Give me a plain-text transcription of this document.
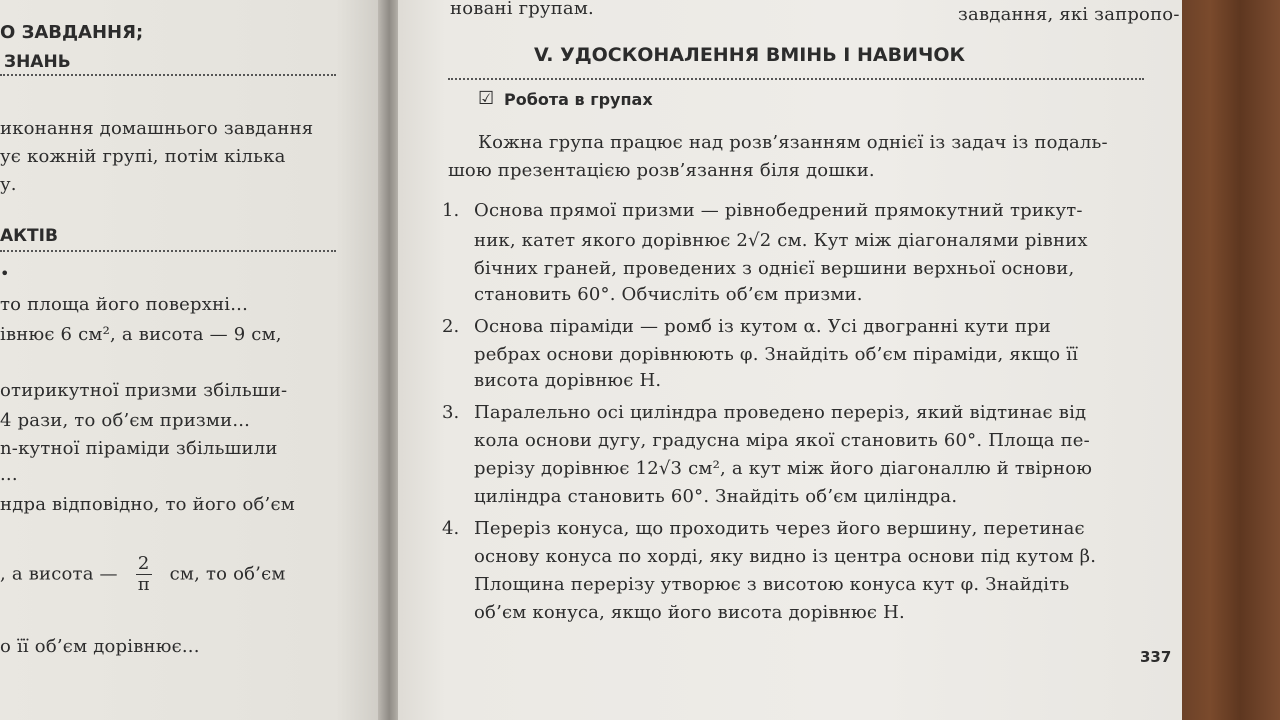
О ЗАВДАННЯ;
ЗНАНЬ
иконання домашнього завдання
ує кожній групі, потім кілька
у.
АКТІВ
•
то площа його поверхні...
івнює 6 см², а висота — 9 см,
отирикутної призми збільши-
4 рази, то об’єм призми...
n-кутної піраміди збільшили
...
ндра відповідно, то його об’єм
, а висота — $\frac{2}{\pi}$ см, то об’єм
о її об’єм дорівнює...
новані групам.	завдання, які запропо-
V. УДОСКОНАЛЕННЯ ВМІНЬ І НАВИЧОК
☑ Робота в групах
Кожна група працює над розв’язанням однієї із задач із подаль-
шою презентацією розв’язання біля дошки.
1. Основа прямої призми — рівнобедрений прямокутний трикут-
ник, катет якого дорівнює 2√2 см. Кут між діагоналями рівних
бічних граней, проведених з однієї вершини верхньої основи,
становить 60°. Обчисліть об’єм призми.
2. Основа піраміди — ромб із кутом α. Усі двогранні кути при
ребрах основи дорівнюють φ. Знайдіть об’єм піраміди, якщо її
висота дорівнює H.
3. Паралельно осі циліндра проведено переріз, який відтинає від
кола основи дугу, градусна міра якої становить 60°. Площа пе-
рерізу дорівнює 12√3 см², а кут між його діагоналлю й твірною
циліндра становить 60°. Знайдіть об’єм циліндра.
4. Переріз конуса, що проходить через його вершину, перетинає
основу конуса по хорді, яку видно із центра основи під кутом β.
Площина перерізу утворює з висотою конуса кут φ. Знайдіть
об’єм конуса, якщо його висота дорівнює H.
337
